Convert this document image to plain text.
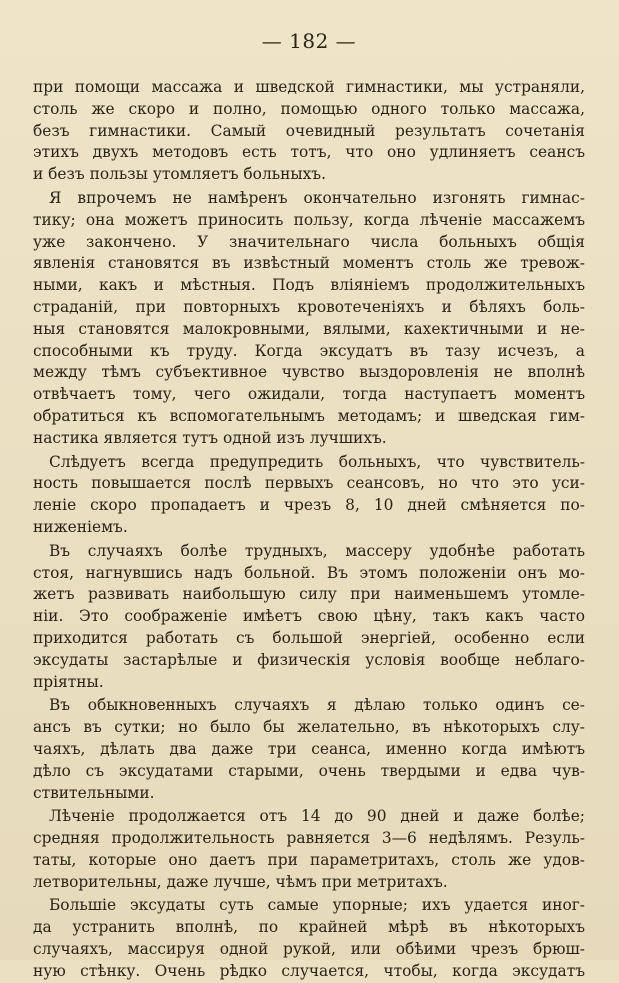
— 182 —
при помощи массажа и шведской гимнастики, мы устраняли,
столь же скоро и полно, помощью одного только массажа,
безъ гимнастики. Самый очевидный результатъ сочетанія
этихъ двухъ методовъ есть тотъ, что оно удлиняетъ сеансъ
и безъ пользы утомляетъ больныхъ.
Я впрочемъ не намѣренъ окончательно изгонять гимнас-
тику; она можетъ приносить пользу, когда лѣченіе массажемъ
уже закончено. У значительнаго числа больныхъ общія
явленія становятся въ извѣстный моментъ столь же тревож-
ными, какъ и мѣстныя. Подъ вліяніемъ продолжительныхъ
страданій, при повторныхъ кровотеченіяхъ и бѣляхъ боль-
ныя становятся малокровными, вялыми, кахектичными и не-
способными къ труду. Когда эксудатъ въ тазу исчезъ, а
между тѣмъ субъективное чувство выздоровленія не вполнѣ
отвѣчаетъ тому, чего ожидали, тогда наступаетъ моментъ
обратиться къ вспомогательнымъ методамъ; и шведская гим-
настика является тутъ одной изъ лучшихъ.
Слѣдуетъ всегда предупредить больныхъ, что чувствитель-
ность повышается послѣ первыхъ сеансовъ, но что это уси-
леніе скоро пропадаетъ и чрезъ 8, 10 дней смѣняется по-
ниженіемъ.
Въ случаяхъ болѣе трудныхъ, массеру удобнѣе работать
стоя, нагнувшись надъ больной. Въ этомъ положеніи онъ мо-
жетъ развивать наибольшую силу при наименьшемъ утомле-
ніи. Это соображеніе имѣетъ свою цѣну, такъ какъ часто
приходится работать съ большой энергіей, особенно если
эксудаты застарѣлые и физическія условія вообще неблаго-
пріятны.
Въ обыкновенныхъ случаяхъ я дѣлаю только одинъ се-
ансъ въ сутки; но было бы желательно, въ нѣкоторыхъ слу-
чаяхъ, дѣлать два даже три сеанса, именно когда имѣютъ
дѣло съ эксудатами старыми, очень твердыми и едва чув-
ствительными.
Лѣченіе продолжается отъ 14 до 90 дней и даже болѣе;
средняя продолжительность равняется 3—6 недѣлямъ. Резуль-
таты, которые оно даетъ при параметритахъ, столь же удов-
летворительны, даже лучше, чѣмъ при метритахъ.
Большіе эксудаты суть самые упорные; ихъ удается иног-
да устранить вполнѣ, по крайней мѣрѣ въ нѣкоторыхъ
случаяхъ, массируя одной рукой, или обѣими чрезъ брюш-
ную стѣнку. Очень рѣдко случается, чтобы, когда эксудатъ
